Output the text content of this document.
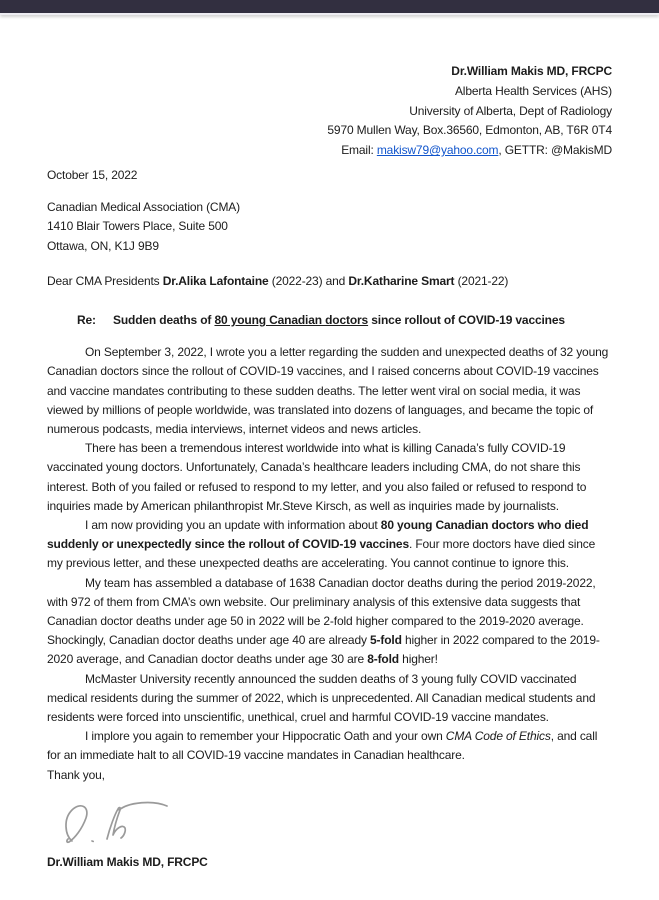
Dr.William Makis MD, FRCPC
Alberta Health Services (AHS)
University of Alberta, Dept of Radiology
5970 Mullen Way, Box.36560, Edmonton, AB, T6R 0T4
Email: makisw79@yahoo.com, GETTR: @MakisMD
October 15, 2022
Canadian Medical Association (CMA)
1410 Blair Towers Place, Suite 500
Ottawa, ON, K1J 9B9
Dear CMA Presidents Dr.Alika Lafontaine (2022-23) and Dr.Katharine Smart (2021-22)
Re: Sudden deaths of 80 young Canadian doctors since rollout of COVID-19 vaccines

On September 3, 2022, I wrote you a letter regarding the sudden and unexpected deaths of 32 young Canadian doctors since the rollout of COVID-19 vaccines, and I raised concerns about COVID-19 vaccines and vaccine mandates contributing to these sudden deaths. The letter went viral on social media, it was viewed by millions of people worldwide, was translated into dozens of languages, and became the topic of numerous podcasts, media interviews, internet videos and news articles.

There has been a tremendous interest worldwide into what is killing Canada’s fully COVID-19 vaccinated young doctors. Unfortunately, Canada’s healthcare leaders including CMA, do not share this interest. Both of you failed or refused to respond to my letter, and you also failed or refused to respond to inquiries made by American philanthropist Mr.Steve Kirsch, as well as inquiries made by journalists.

I am now providing you an update with information about 80 young Canadian doctors who died suddenly or unexpectedly since the rollout of COVID-19 vaccines. Four more doctors have died since my previous letter, and these unexpected deaths are accelerating. You cannot continue to ignore this.

My team has assembled a database of 1638 Canadian doctor deaths during the period 2019-2022, with 972 of them from CMA’s own website. Our preliminary analysis of this extensive data suggests that Canadian doctor deaths under age 50 in 2022 will be 2-fold higher compared to the 2019-2020 average. Shockingly, Canadian doctor deaths under age 40 are already 5-fold higher in 2022 compared to the 2019-2020 average, and Canadian doctor deaths under age 30 are 8-fold higher!

McMaster University recently announced the sudden deaths of 3 young fully COVID vaccinated medical residents during the summer of 2022, which is unprecedented. All Canadian medical students and residents were forced into unscientific, unethical, cruel and harmful COVID-19 vaccine mandates.

I implore you again to remember your Hippocratic Oath and your own CMA Code of Ethics, and call for an immediate halt to all COVID-19 vaccine mandates in Canadian healthcare.

Thank you,

Dr.William Makis MD, FRCPC
